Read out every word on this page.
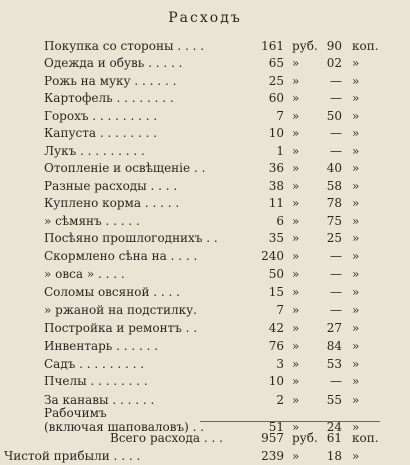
Расходъ
Покупка со стороны . . . .	161 руб. 90 коп.
Одежда и обувь . . . . .	65 »	02 »
Рожь на муку . . . . . .	25 »	— »
Картофель . . . . . . . .	60 »	— »
Горохъ . . . . . . . . .	7 »	50 »
Капуста . . . . . . . .	10 »	— »
Лукъ . . . . . . . . .	1 »	— »
Отопленіе и освѣщеніе . .	36 »	40 »
Разные расходы . . . .	38 »	58 »
Куплено корма . . . . .	11 »	78 »
» сѣмянъ . . . . .	6 »	75 »
Посѣяно прошлогоднихъ . .	35 »	25 »
Скормлено сѣна на . . . .	240 »	— »
» овса » . . . .	50 »	— »
Соломы овсяной . . . .	15 »	— »
» ржаной на подстилку.	7 »	— »
Постройка и ремонтъ . .	42 »	27 »
Инвентарь . . . . . .	76 »	84 »
Садъ . . . . . . . . .	3 »	53 »
Пчелы . . . . . . . .	10 »	— »
За канавы . . . . . .	2 »	55 »
Рабочимъ
(включая шаповаловъ) . .	51 »	24 »
Всего расхода . . .	957 руб. 61 коп.
Чистой прибыли . . . .	239 »	18 »
